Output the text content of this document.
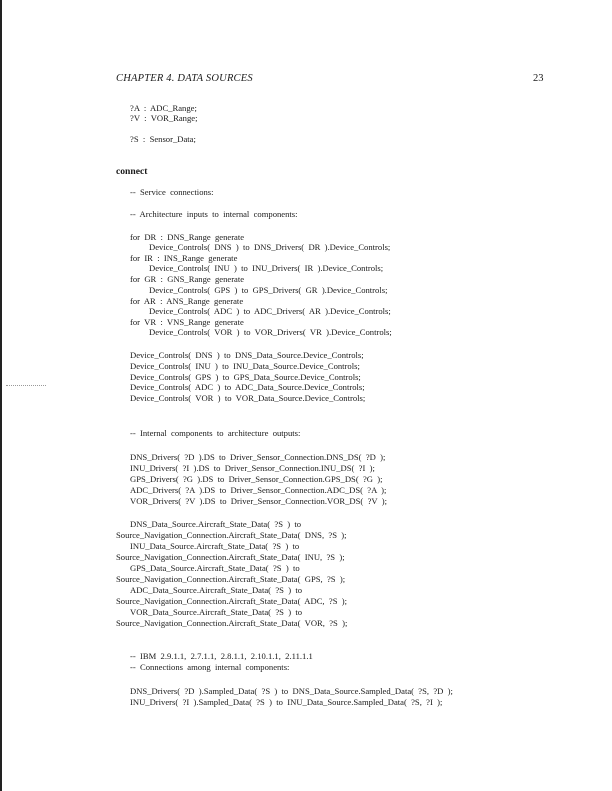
CHAPTER 4. DATA SOURCES	23
?A  :  ADC_Range;
?V  :  VOR_Range;
?S  :  Sensor_Data;
connect
--  Service  connections:
--  Architecture  inputs  to  internal  components:
for  DR  :  DNS_Range  generate
Device_Controls(  DNS  )  to  DNS_Drivers(  DR  ).Device_Controls;
for  IR  :  INS_Range  generate
Device_Controls(  INU  )  to  INU_Drivers(  IR  ).Device_Controls;
for  GR  :  GNS_Range  generate
Device_Controls(  GPS  )  to  GPS_Drivers(  GR  ).Device_Controls;
for  AR  :  ANS_Range  generate
Device_Controls(  ADC  )  to  ADC_Drivers(  AR  ).Device_Controls;
for  VR  :  VNS_Range  generate
Device_Controls(  VOR  )  to  VOR_Drivers(  VR  ).Device_Controls;
Device_Controls(  DNS  )  to  DNS_Data_Source.Device_Controls;
Device_Controls(  INU  )  to  INU_Data_Source.Device_Controls;
Device_Controls(  GPS  )  to  GPS_Data_Source.Device_Controls;
Device_Controls(  ADC  )  to  ADC_Data_Source.Device_Controls;
Device_Controls(  VOR  )  to  VOR_Data_Source.Device_Controls;
--  Internal  components  to  architecture  outputs:
DNS_Drivers(  ?D  ).DS  to  Driver_Sensor_Connection.DNS_DS(  ?D  );
INU_Drivers(  ?I  ).DS  to  Driver_Sensor_Connection.INU_DS(  ?I  );
GPS_Drivers(  ?G  ).DS  to  Driver_Sensor_Connection.GPS_DS(  ?G  );
ADC_Drivers(  ?A  ).DS  to  Driver_Sensor_Connection.ADC_DS(  ?A  );
VOR_Drivers(  ?V  ).DS  to  Driver_Sensor_Connection.VOR_DS(  ?V  );
DNS_Data_Source.Aircraft_State_Data(  ?S  )  to
Source_Navigation_Connection.Aircraft_State_Data(  DNS,  ?S  );
INU_Data_Source.Aircraft_State_Data(  ?S  )  to
Source_Navigation_Connection.Aircraft_State_Data(  INU,  ?S  );
GPS_Data_Source.Aircraft_State_Data(  ?S  )  to
Source_Navigation_Connection.Aircraft_State_Data(  GPS,  ?S  );
ADC_Data_Source.Aircraft_State_Data(  ?S  )  to
Source_Navigation_Connection.Aircraft_State_Data(  ADC,  ?S  );
VOR_Data_Source.Aircraft_State_Data(  ?S  )  to
Source_Navigation_Connection.Aircraft_State_Data(  VOR,  ?S  );
--  IBM  2.9.1.1,  2.7.1.1,  2.8.1.1,  2.10.1.1,  2.11.1.1
--  Connections  among  internal  components:
DNS_Drivers(  ?D  ).Sampled_Data(  ?S  )  to  DNS_Data_Source.Sampled_Data(  ?S,  ?D  );
INU_Drivers(  ?I  ).Sampled_Data(  ?S  )  to  INU_Data_Source.Sampled_Data(  ?S,  ?I  );
